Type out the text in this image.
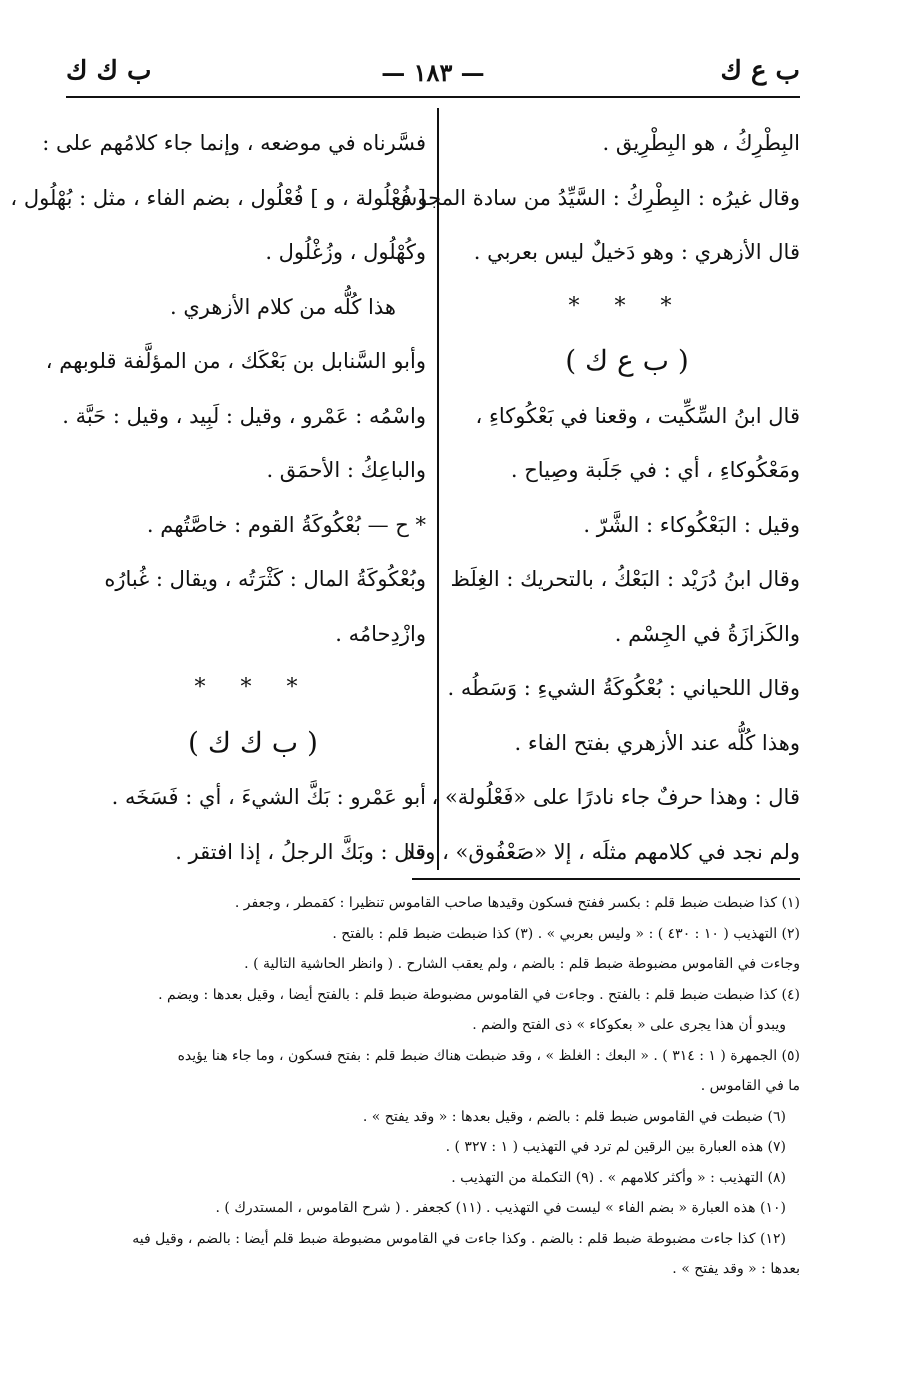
ب ع ك
— ١٨٣ —
ب ك ك
البِطْرِكُ ، هو البِطْرِيق .
وقال غيرُه : البِطْرِكُ : السَّيِّدُ من سادة المجوس .
قال الأزهري : وهو دَخيلٌ ليس بعربي .
* * *
( ب ع ك )
قال ابنُ السِّكِّيت ، وقعنا في بَعْكُوكاءِ ،
ومَعْكُوكاءِ ، أي : في جَلَبة وصِياح .
وقيل : البَعْكُوكاء : الشَّرّ .
وقال ابنُ دُرَيْد : البَعْكُ ، بالتحريك : الغِلَظ
والكَزازَةُ في الجِسْم .
وقال اللحياني : بُعْكُوكَةُ الشيءِ : وَسَطُه .
وهذا كُلُّه عند الأزهري بفتح الفاء .
قال : وهذا حرفٌ جاء نادرًا على «فَعْلُولة» ،
ولم نجد في كلامهم مثلَه ، إلا «صَعْفُوق» ، وقد
فسَّرناه في موضعه ، وإنما جاء كلامُهم على :
[ فُعْلُولة ، و ] فُعْلُول ، بضم الفاء ، مثل : بُهْلُول ،
وكُهْلُول ، وزُغْلُول .
هذا كُلُّه من كلام الأزهري .
وأبو السَّنابل بن بَعْكَك ، من المؤلَّفة قلوبهم ،
واسْمُه : عَمْرو ، وقيل : لَبِيد ، وقيل : حَبَّة .
والباعِكُ : الأحمَق .
* ح — بُعْكُوكَةُ القوم : خاصَّتُهم .
وبُعْكُوكَةُ المال : كَثْرَتُه ، ويقال : غُبارُه
وازْدِحامُه .
* * *
( ب ك ك )
أبو عَمْرو : بَكَّ الشيءَ ، أي : فَسَخَه .
قال : وبَكَّ الرجلُ ، إذا افتقر .
(١) كذا ضبطت ضبط قلم : بكسر ففتح فسكون وقيدها صاحب القاموس تنظيرا : كقمطر ، وجعفر .
(٢) التهذيب ( ١٠ : ٤٣٠ ) : « وليس بعربي » . (٣) كذا ضبطت ضبط قلم : بالفتح .
وجاءت في القاموس مضبوطة ضبط قلم : بالضم ، ولم يعقب الشارح . ( وانظر الحاشية التالية ) .
(٤) كذا ضبطت ضبط قلم : بالفتح . وجاءت في القاموس مضبوطة ضبط قلم : بالفتح أيضا ، وقيل بعدها : ويضم .
ويبدو أن هذا يجرى على « بعكوكاء » ذى الفتح والضم .
(٥) الجمهرة ( ١ : ٣١٤ ) . « البعك : الغلظ » ، وقد ضبطت هناك ضبط قلم : بفتح فسكون ، وما جاء هنا يؤيده
ما في القاموس .
(٦) ضبطت في القاموس ضبط قلم : بالضم ، وقيل بعدها : « وقد يفتح » .
(٧) هذه العبارة بين الرقين لم ترد في التهذيب ( ١ : ٣٢٧ ) .
(٨) التهذيب : « وأكثر كلامهم » . (٩) التكملة من التهذيب .
(١٠) هذه العبارة « بضم الفاء » ليست في التهذيب . (١١) كجعفر . ( شرح القاموس ، المستدرك ) .
(١٢) كذا جاءت مضبوطة ضبط قلم : بالضم . وكذا جاءت في القاموس مضبوطة ضبط قلم أيضا : بالضم ، وقيل فيه
بعدها : « وقد يفتح » .
